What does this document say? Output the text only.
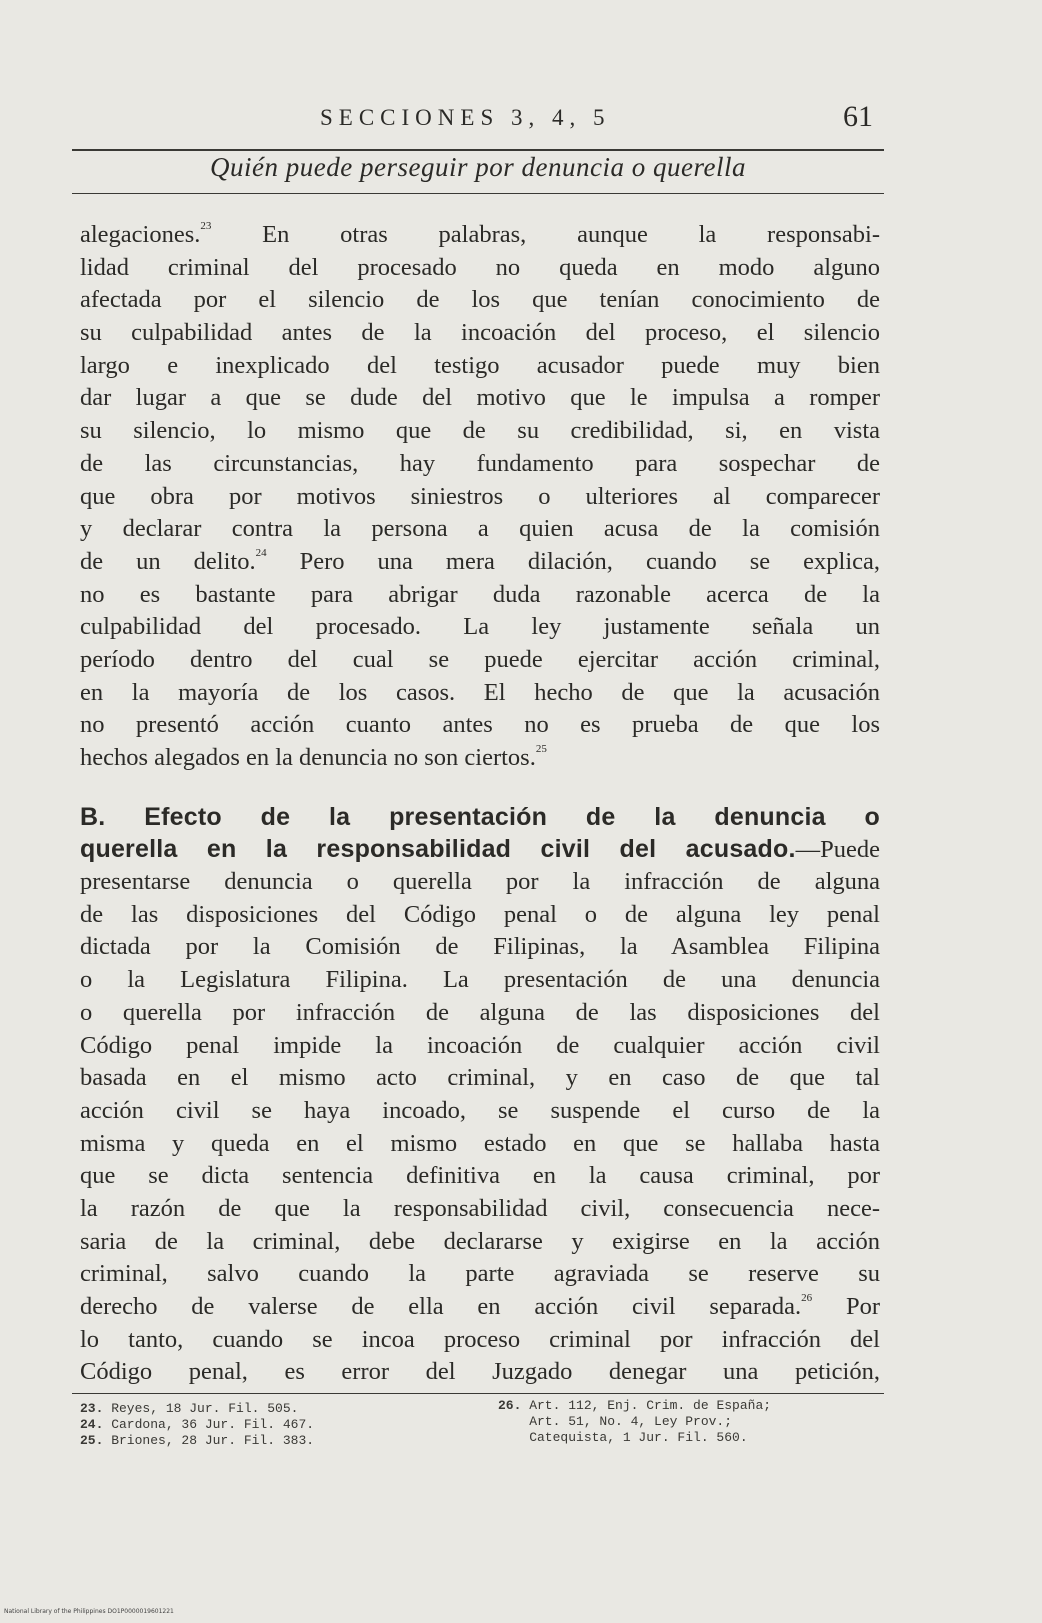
SECCIONES 3, 4, 5	61
Quién puede perseguir por denuncia o querella
alegaciones.$^{23}$ En otras palabras, aunque la responsabi-
lidad criminal del procesado no queda en modo alguno
afectada por el silencio de los que tenían conocimiento de
su culpabilidad antes de la incoación del proceso, el silencio
largo e inexplicado del testigo acusador puede muy bien
dar lugar a que se dude del motivo que le impulsa a romper
su silencio, lo mismo que de su credibilidad, si, en vista
de las circunstancias, hay fundamento para sospechar de
que obra por motivos siniestros o ulteriores al comparecer
y declarar contra la persona a quien acusa de la comisión
de un delito.$^{24}$ Pero una mera dilación, cuando se explica,
no es bastante para abrigar duda razonable acerca de la
culpabilidad del procesado. La ley justamente señala un
período dentro del cual se puede ejercitar acción criminal,
en la mayoría de los casos. El hecho de que la acusación
no presentó acción cuanto antes no es prueba de que los
hechos alegados en la denuncia no son ciertos.$^{25}$
B. Efecto de la presentación de la denuncia o
querella en la responsabilidad civil del acusado.—Puede
presentarse denuncia o querella por la infracción de alguna
de las disposiciones del Código penal o de alguna ley penal
dictada por la Comisión de Filipinas, la Asamblea Filipina
o la Legislatura Filipina. La presentación de una denuncia
o querella por infracción de alguna de las disposiciones del
Código penal impide la incoación de cualquier acción civil
basada en el mismo acto criminal, y en caso de que tal
acción civil se haya incoado, se suspende el curso de la
misma y queda en el mismo estado en que se hallaba hasta
que se dicta sentencia definitiva en la causa criminal, por
la razón de que la responsabilidad civil, consecuencia nece-
saria de la criminal, debe declararse y exigirse en la acción
criminal, salvo cuando la parte agraviada se reserve su
derecho de valerse de ella en acción civil separada.$^{26}$ Por
lo tanto, cuando se incoa proceso criminal por infracción del
Código penal, es error del Juzgado denegar una petición,
23. Reyes, 18 Jur. Fil. 505.
24. Cardona, 36 Jur. Fil. 467.
25. Briones, 28 Jur. Fil. 383.
26. Art. 112, Enj. Crim. de España;
Art. 51, No. 4, Ley Prov.;
Catequista, 1 Jur. Fil. 560.
National Library of the Philippines DO1P0000019601221
